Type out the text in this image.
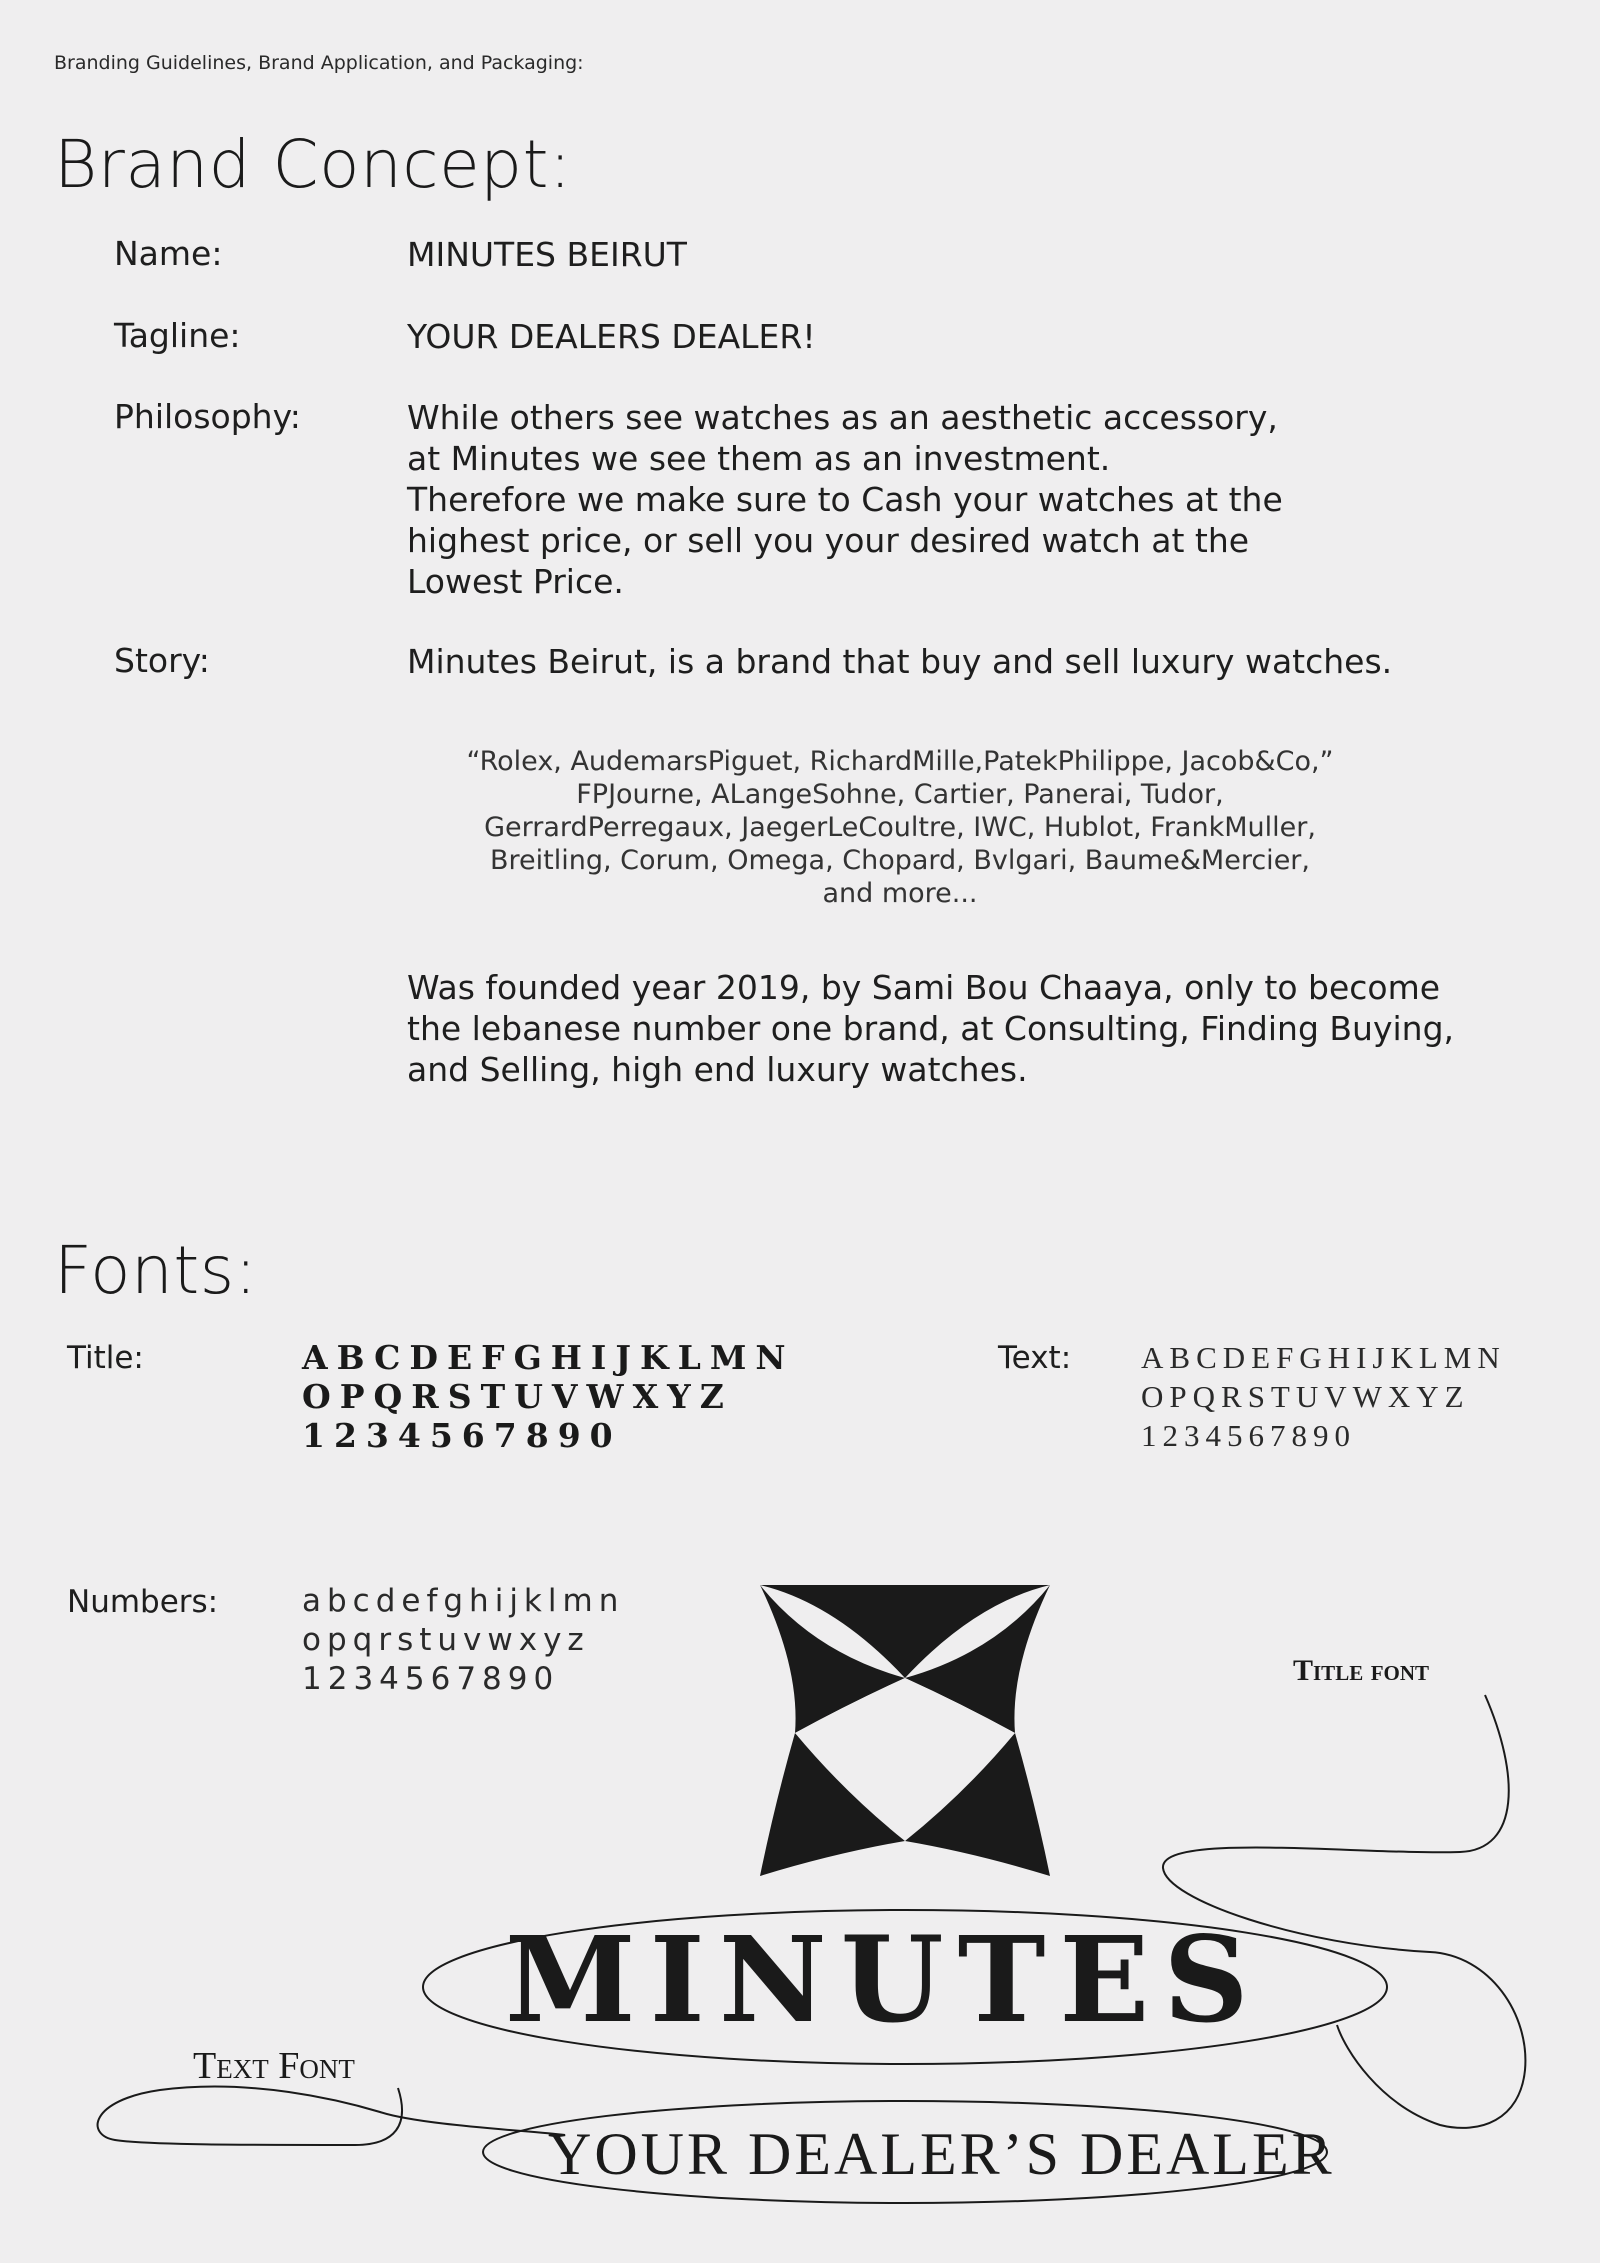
Branding Guidelines, Brand Application, and Packaging:
Brand Concept:
Name:	MINUTES BEIRUT
Tagline:	YOUR DEALERS DEALER!
Philosophy:	While others see watches as an aesthetic accessory,
at Minutes we see them as an investment.
Therefore we make sure to Cash your watches at the
highest price, or sell you your desired watch at the
Lowest Price.
Story:	Minutes Beirut, is a brand that buy and sell luxury watches.
“Rolex, AudemarsPiguet, RichardMille,PatekPhilippe, Jacob&Co,”
FPJourne, ALangeSohne, Cartier, Panerai, Tudor,
GerrardPerregaux, JaegerLeCoultre, IWC, Hublot, FrankMuller,
Breitling, Corum, Omega, Chopard, Bvlgari, Baume&Mercier,
and more...
Was founded year 2019, by Sami Bou Chaaya, only to become
the lebanese number one brand, at Consulting, Finding Buying,
and Selling, high end luxury watches.
Fonts:
Title:	ABCDEFGHIJKLMN
OPQRSTUVWXYZ
1234567890
Text: ABCDEFGHIJKLMN
OPQRSTUVWXYZ
1234567890
Numbers:	abcdefghijklmn
opqrstuvwxyz
1234567890	Title font
Text Font
MINUTES
YOUR DEALER’S DEALER
